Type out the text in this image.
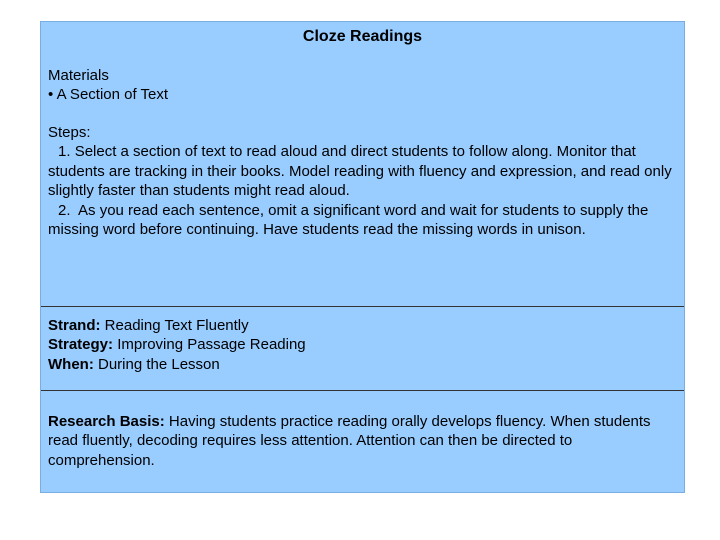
Cloze Readings

Materials

• A Section of Text

Steps:

1. Select a section of text to read aloud and direct students to follow along. Monitor that students are tracking in their books. Model reading with fluency and expression, and read only slightly faster than students might read aloud.

2. As you read each sentence, omit a significant word and wait for students to supply the missing word before continuing. Have students read the missing words in unison.

Strand: Reading Text Fluently

Strategy: Improving Passage Reading

When: During the Lesson

Research Basis: Having students practice reading orally develops fluency. When students read fluently, decoding requires less attention. Attention can then be directed to comprehension.
